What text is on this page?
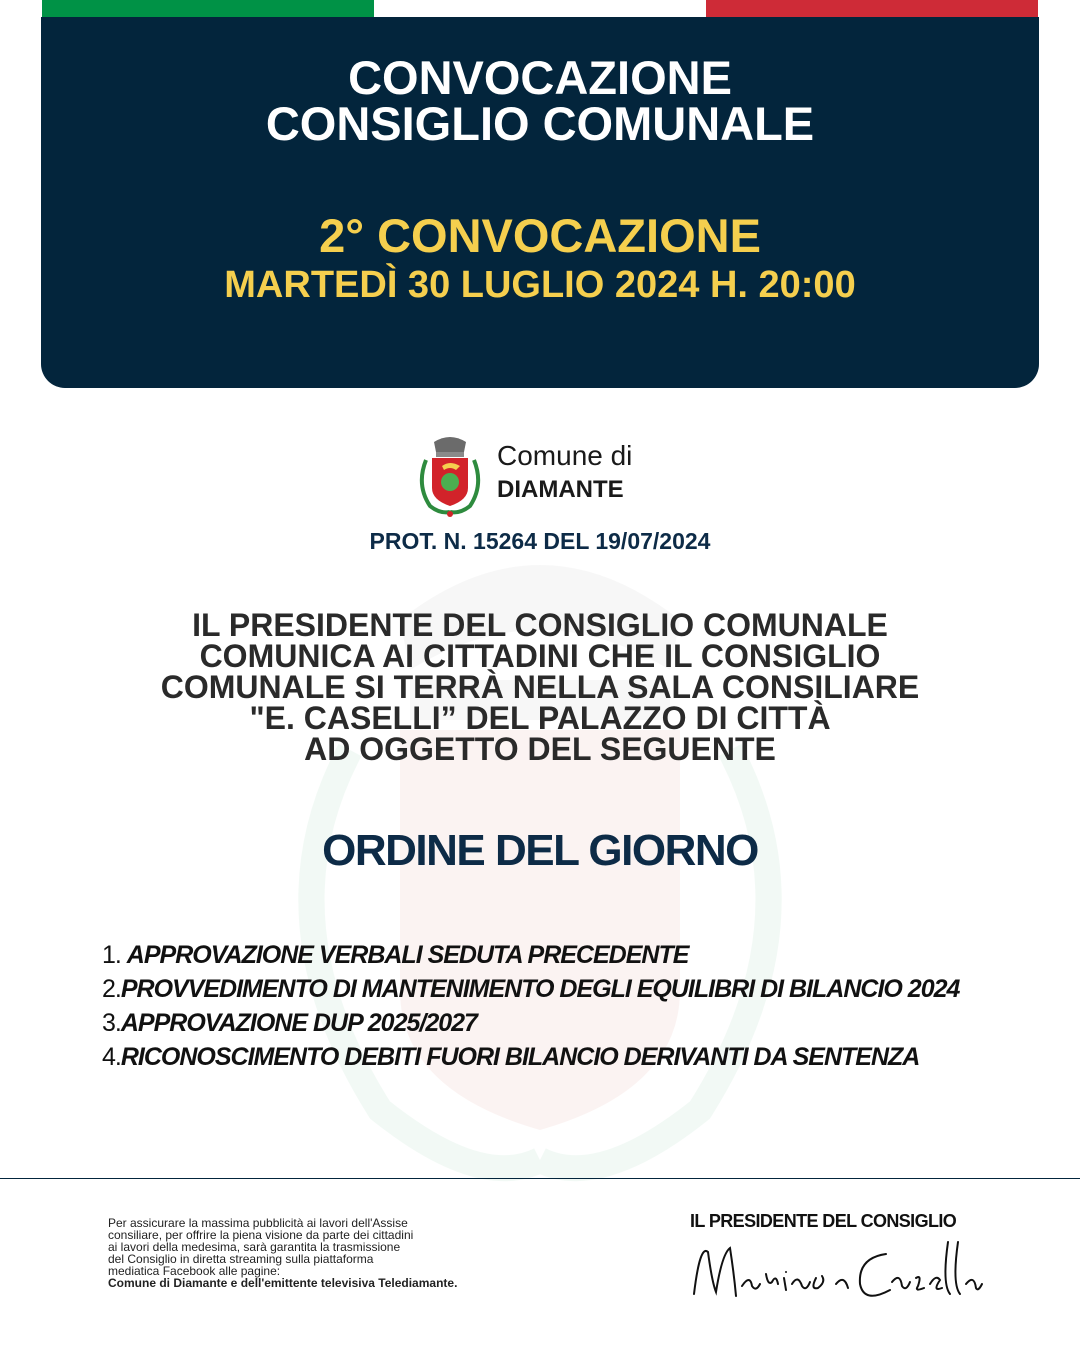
CONVOCAZIONE
CONSIGLIO COMUNALE
2° CONVOCAZIONE
MARTEDÌ 30 LUGLIO 2024 H. 20:00
Comune di
DIAMANTE
PROT. N. 15264 DEL 19/07/2024
IL PRESIDENTE DEL CONSIGLIO COMUNALE
COMUNICA AI CITTADINI CHE IL CONSIGLIO
COMUNALE SI TERRÀ NELLA SALA CONSILIARE
"E. CASELLI” DEL PALAZZO DI CITTÀ
AD OGGETTO DEL SEGUENTE
ORDINE DEL GIORNO
1. APPROVAZIONE VERBALI SEDUTA PRECEDENTE
2.PROVVEDIMENTO DI MANTENIMENTO DEGLI EQUILIBRI DI BILANCIO 2024
3.APPROVAZIONE DUP 2025/2027
4.RICONOSCIMENTO DEBITI FUORI BILANCIO DERIVANTI DA SENTENZA
Per assicurare la massima pubblicità ai lavori dell'Assise
consiliare, per offrire la piena visione da parte dei cittadini
ai lavori della medesima, sarà garantita la trasmissione
del Consiglio in diretta streaming sulla piattaforma
mediatica Facebook alle pagine:
Comune di Diamante e dell'emittente televisiva Telediamante.
IL PRESIDENTE DEL CONSIGLIO
